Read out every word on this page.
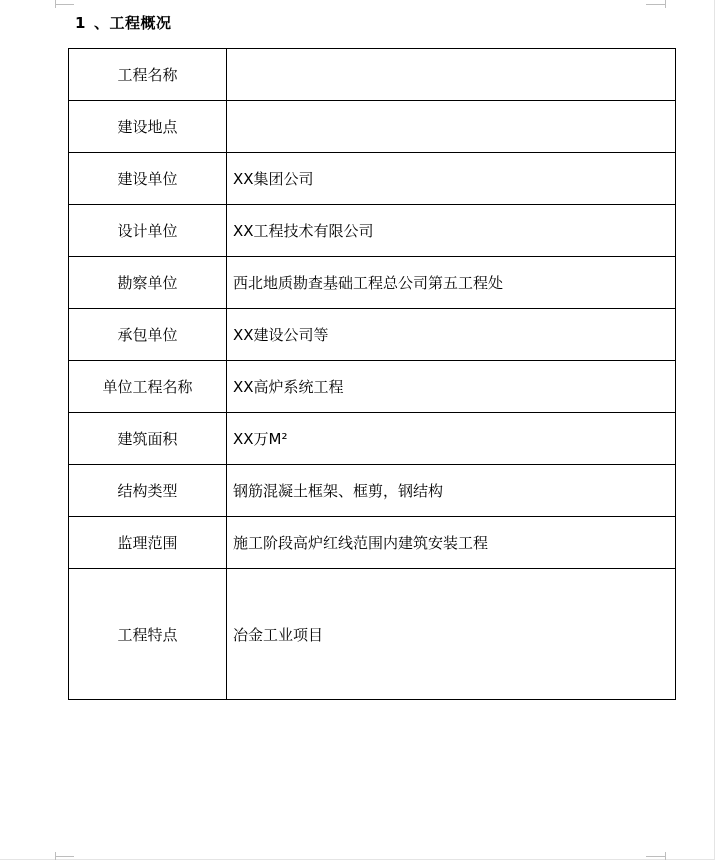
1 、工程概况
工程名称	
建设地点	
建设单位	XX集团公司
设计单位	XX工程技术有限公司
勘察单位	西北地质勘查基础工程总公司第五工程处
承包单位	XX建设公司等
单位工程名称	XX高炉系统工程
建筑面积	XX万M²
结构类型	钢筋混凝土框架、框剪，钢结构
监理范围	施工阶段高炉红线范围内建筑安装工程
工程特点	冶金工业项目
